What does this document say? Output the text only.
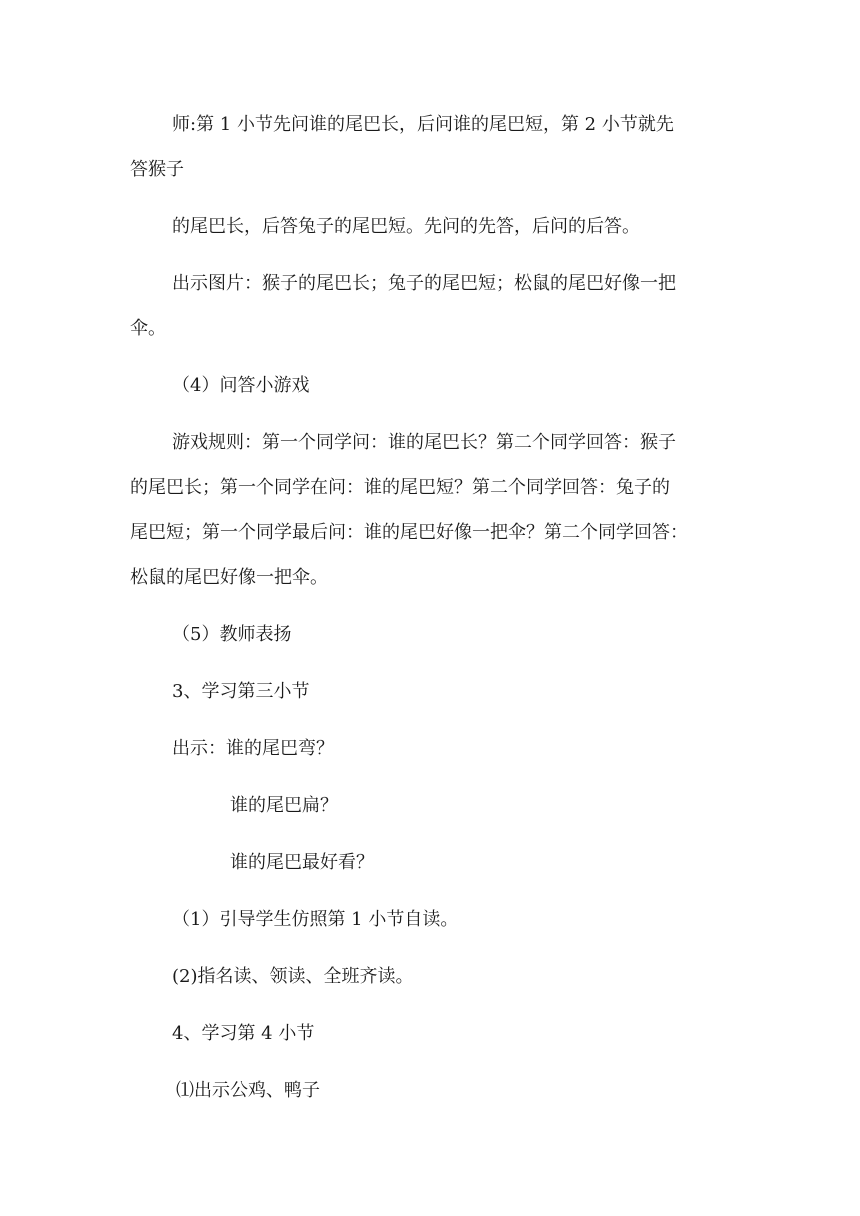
师:第 1 小节先问谁的尾巴长，后问谁的尾巴短，第 2 小节就先
答猴子
的尾巴长，后答兔子的尾巴短。先问的先答，后问的后答。
出示图片：猴子的尾巴长；兔子的尾巴短；松鼠的尾巴好像一把
伞。
（4）问答小游戏
游戏规则：第一个同学问：谁的尾巴长？第二个同学回答：猴子
的尾巴长；第一个同学在问：谁的尾巴短？第二个同学回答：兔子的
尾巴短；第一个同学最后问：谁的尾巴好像一把伞？第二个同学回答：
松鼠的尾巴好像一把伞。
（5）教师表扬
3、学习第三小节
出示：谁的尾巴弯？
谁的尾巴扁？
谁的尾巴最好看？
（1）引导学生仿照第 1 小节自读。
(2)指名读、领读、全班齐读。
4、学习第 4 小节
⑴出示公鸡、鸭子
